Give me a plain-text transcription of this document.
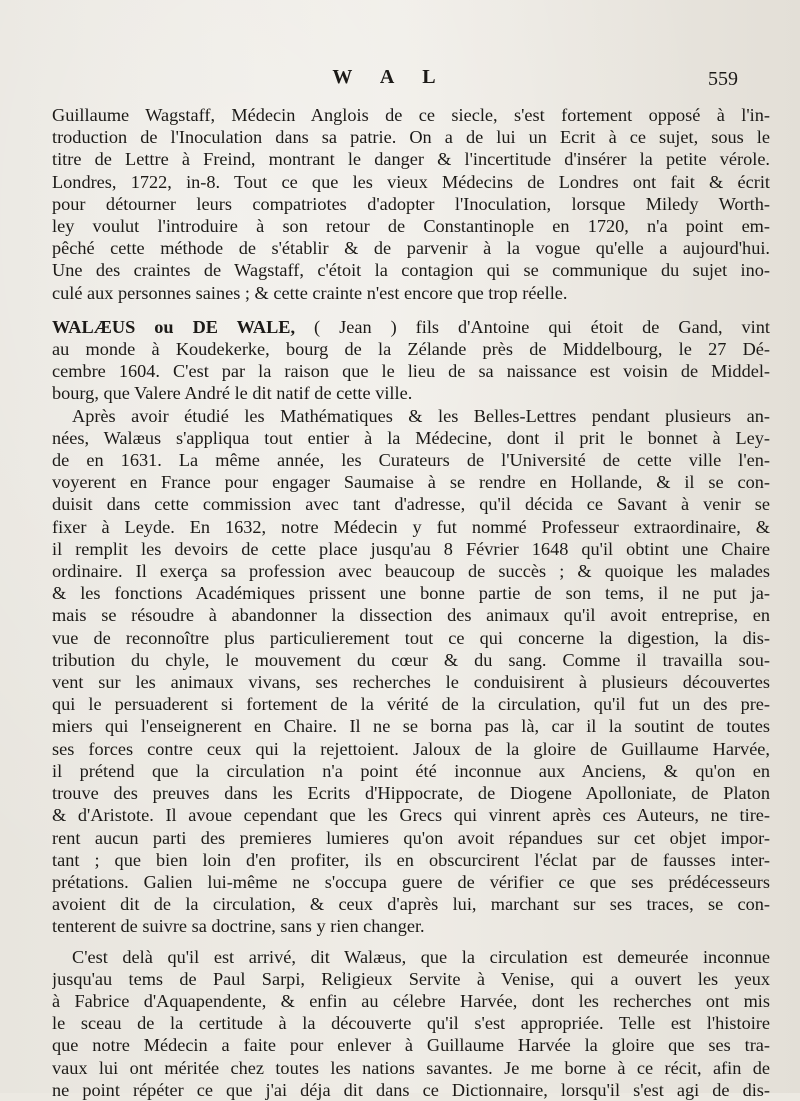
W A L	559
Guillaume Wagstaff, Médecin Anglois de ce siecle, s'est fortement opposé à l'in-
troduction de l'Inoculation dans sa patrie. On a de lui un Ecrit à ce sujet, sous le
titre de Lettre à Freind, montrant le danger & l'incertitude d'insérer la petite vérole.
Londres, 1722, in-8. Tout ce que les vieux Médecins de Londres ont fait & écrit
pour détourner leurs compatriotes d'adopter l'Inoculation, lorsque Miledy Worth-
ley voulut l'introduire à son retour de Constantinople en 1720, n'a point em-
pêché cette méthode de s'établir & de parvenir à la vogue qu'elle a aujourd'hui.
Une des craintes de Wagstaff, c'étoit la contagion qui se communique du sujet ino-
culé aux personnes saines ; & cette crainte n'est encore que trop réelle.
WALÆUS ou DE WALE, ( Jean ) fils d'Antoine qui étoit de Gand, vint
au monde à Koudekerke, bourg de la Zélande près de Middelbourg, le 27 Dé-
cembre 1604. C'est par la raison que le lieu de sa naissance est voisin de Middel-
bourg, que Valere André le dit natif de cette ville.
Après avoir étudié les Mathématiques & les Belles-Lettres pendant plusieurs an-
nées, Walæus s'appliqua tout entier à la Médecine, dont il prit le bonnet à Ley-
de en 1631. La même année, les Curateurs de l'Université de cette ville l'en-
voyerent en France pour engager Saumaise à se rendre en Hollande, & il se con-
duisit dans cette commission avec tant d'adresse, qu'il décida ce Savant à venir se
fixer à Leyde. En 1632, notre Médecin y fut nommé Professeur extraordinaire, &
il remplit les devoirs de cette place jusqu'au 8 Février 1648 qu'il obtint une Chaire
ordinaire. Il exerça sa profession avec beaucoup de succès ; & quoique les malades
& les fonctions Académiques prissent une bonne partie de son tems, il ne put ja-
mais se résoudre à abandonner la dissection des animaux qu'il avoit entreprise, en
vue de reconnoître plus particulierement tout ce qui concerne la digestion, la dis-
tribution du chyle, le mouvement du cœur & du sang. Comme il travailla sou-
vent sur les animaux vivans, ses recherches le conduisirent à plusieurs découvertes
qui le persuaderent si fortement de la vérité de la circulation, qu'il fut un des pre-
miers qui l'enseignerent en Chaire. Il ne se borna pas là, car il la soutint de toutes
ses forces contre ceux qui la rejettoient. Jaloux de la gloire de Guillaume Harvée,
il prétend que la circulation n'a point été inconnue aux Anciens, & qu'on en
trouve des preuves dans les Ecrits d'Hippocrate, de Diogene Apolloniate, de Platon
& d'Aristote. Il avoue cependant que les Grecs qui vinrent après ces Auteurs, ne tire-
rent aucun parti des premieres lumieres qu'on avoit répandues sur cet objet impor-
tant ; que bien loin d'en profiter, ils en obscurcirent l'éclat par de fausses inter-
prétations. Galien lui-même ne s'occupa guere de vérifier ce que ses prédécesseurs
avoient dit de la circulation, & ceux d'après lui, marchant sur ses traces, se con-
tenterent de suivre sa doctrine, sans y rien changer.
C'est delà qu'il est arrivé, dit Walæus, que la circulation est demeurée inconnue
jusqu'au tems de Paul Sarpi, Religieux Servite à Venise, qui a ouvert les yeux
à Fabrice d'Aquapendente, & enfin au célebre Harvée, dont les recherches ont mis
le sceau de la certitude à la découverte qu'il s'est appropriée. Telle est l'histoire
que notre Médecin a faite pour enlever à Guillaume Harvée la gloire que ses tra-
vaux lui ont méritée chez toutes les nations savantes. Je me borne à ce récit, afin de
ne point répéter ce que j'ai déja dit dans ce Dictionnaire, lorsqu'il s'est agi de dis-
